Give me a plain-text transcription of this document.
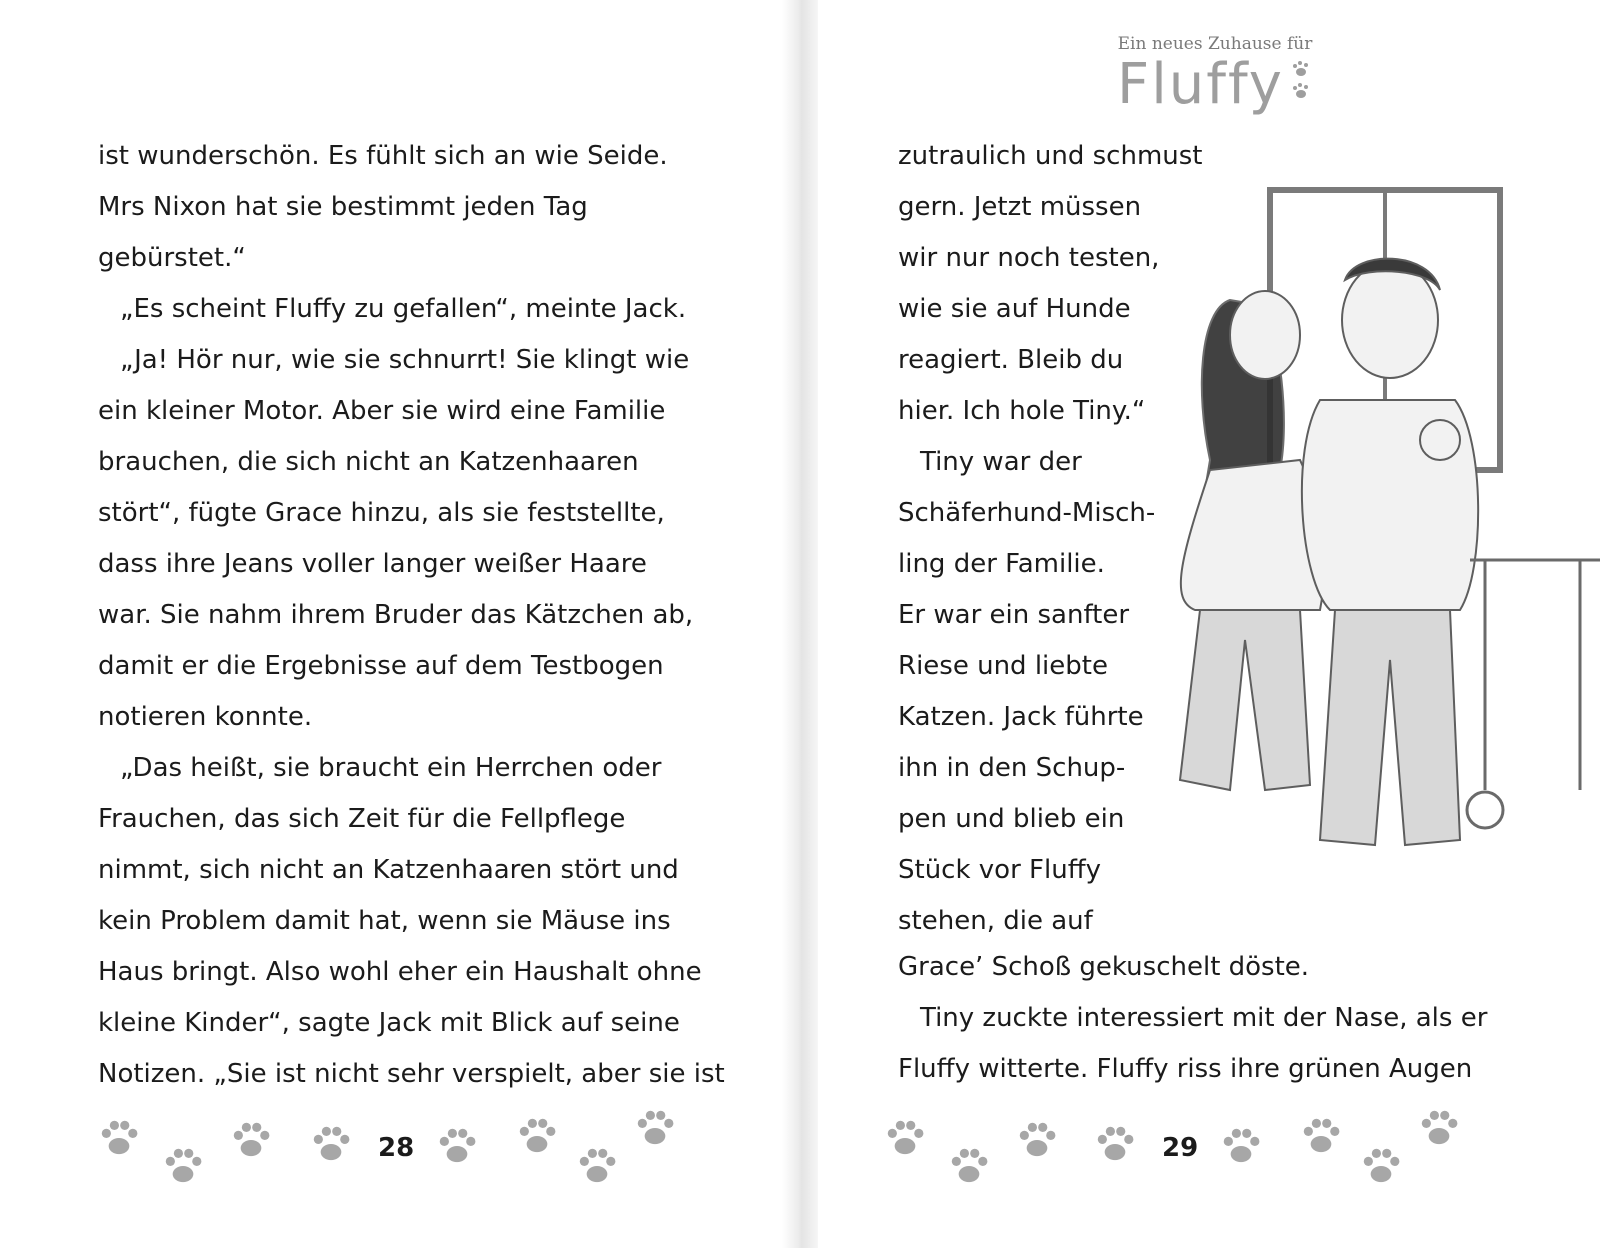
ist wunderschön. Es fühlt sich an wie Seide.
Mrs Nixon hat sie bestimmt jeden Tag
gebürstet.“
„Es scheint Fluffy zu gefallen“, meinte Jack.
„Ja! Hör nur, wie sie schnurrt! Sie klingt wie
ein kleiner Motor. Aber sie wird eine Familie
brauchen, die sich nicht an Katzenhaaren
stört“, fügte Grace hinzu, als sie feststellte,
dass ihre Jeans voller langer weißer Haare
war. Sie nahm ihrem Bruder das Kätzchen ab,
damit er die Ergebnisse auf dem Testbogen
notieren konnte.
„Das heißt, sie braucht ein Herrchen oder
Frauchen, das sich Zeit für die Fellpflege
nimmt, sich nicht an Katzenhaaren stört und
kein Problem damit hat, wenn sie Mäuse ins
Haus bringt. Also wohl eher ein Haushalt ohne
kleine Kinder“, sagte Jack mit Blick auf seine
Notizen. „Sie ist nicht sehr verspielt, aber sie ist
28
Ein neues Zuhause für
Fluffy
zutraulich und schmust
gern. Jetzt müssen
wir nur noch testen,
wie sie auf Hunde
reagiert. Bleib du
hier. Ich hole Tiny.“
Tiny war der
Schäferhund-Misch-
ling der Familie.
Er war ein sanfter
Riese und liebte
Katzen. Jack führte
ihn in den Schup-
pen und blieb ein
Stück vor Fluffy
stehen, die auf
Grace’ Schoß gekuschelt döste.
Tiny zuckte interessiert mit der Nase, als er
Fluffy witterte. Fluffy riss ihre grünen Augen
29
